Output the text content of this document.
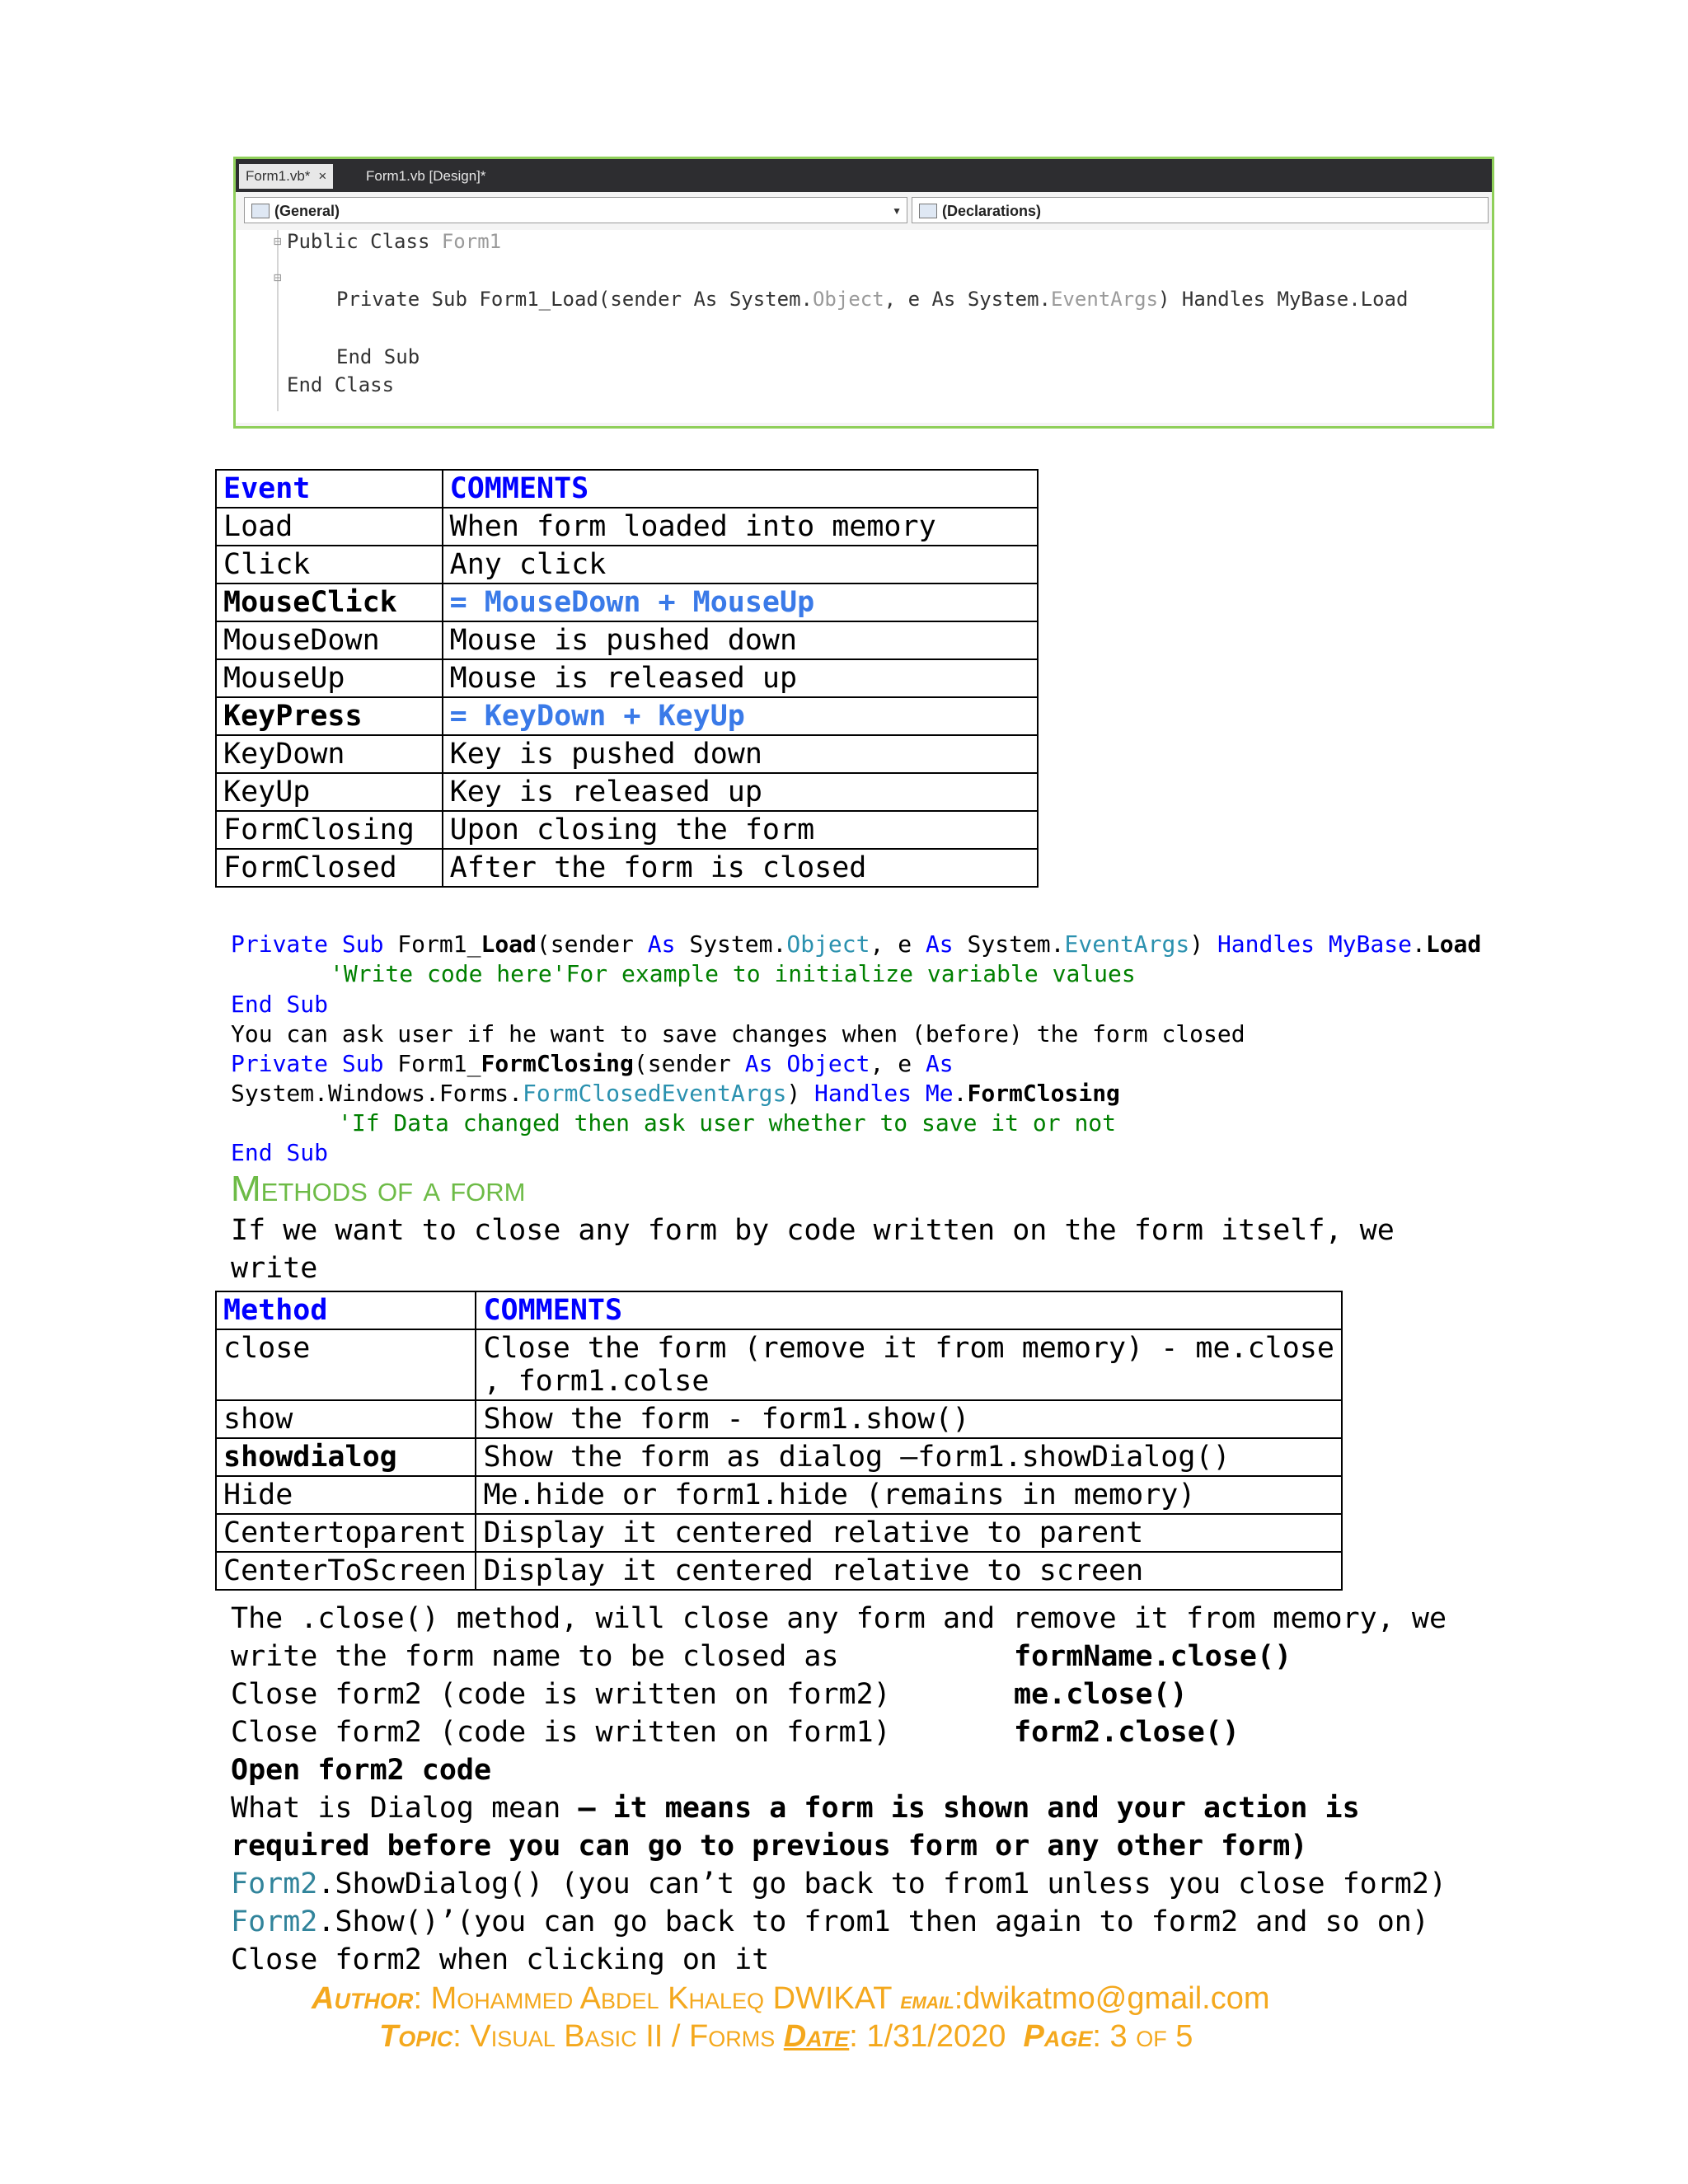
Form1.vb* ×	Form1.vb [Design]*
(General)	▼	(Declarations)
⊟
⊟
Public Class Form1
Private Sub Form1_Load(sender As System.Object, e As System.EventArgs) Handles MyBase.Load
End Sub
End Class
Event	COMMENTS
Load	When form loaded into memory
Click	Any click
MouseClick	= MouseDown + MouseUp
MouseDown	Mouse is pushed down
MouseUp	Mouse is released up
KeyPress	= KeyDown + KeyUp
KeyDown	Key is pushed down
KeyUp	Key is released up
FormClosing	Upon closing the form
FormClosed	After the form is closed
Private Sub Form1_Load(sender As System.Object, e As System.EventArgs) Handles MyBase.Load
'Write code here'For example to initialize variable values
End Sub
You can ask user if he want to save changes when (before) the form closed
Private Sub Form1_FormClosing(sender As Object, e As
System.Windows.Forms.FormClosedEventArgs) Handles Me.FormClosing
'If Data changed then ask user whether to save it or not
End Sub
Methods of a form
If we want to close any form by code written on the form itself, we
write
Method	COMMENTS
close	Close the form (remove it from memory) - me.close
, form1.colse
show	Show the form - form1.show()
showdialog	Show the form as dialog –form1.showDialog()
Hide	Me.hide or form1.hide (remains in memory)
Centertoparent	Display it centered relative to parent
CenterToScreen	Display it centered relative to screen
The .close() method, will close any form and remove it from memory, we
write the form name to be closed as	formName.close()
Close form2 (code is written on form2)	me.close()
Close form2 (code is written on form1)	form2.close()
Open form2 code
What is Dialog mean – it means a form is shown and your action is
required before you can go to previous form or any other form)
Form2.ShowDialog() (you can’t go back to from1 unless you close form2)
Form2.Show()’(you can go back to from1 then again to form2 and so on)
Close form2 when clicking on it
Author: Mohammed Abdel Khaleq DWIKAT email:dwikatmo@gmail.com
Topic: Visual Basic II / Forms Date: 1/31/2020 Page: 3 of 5
